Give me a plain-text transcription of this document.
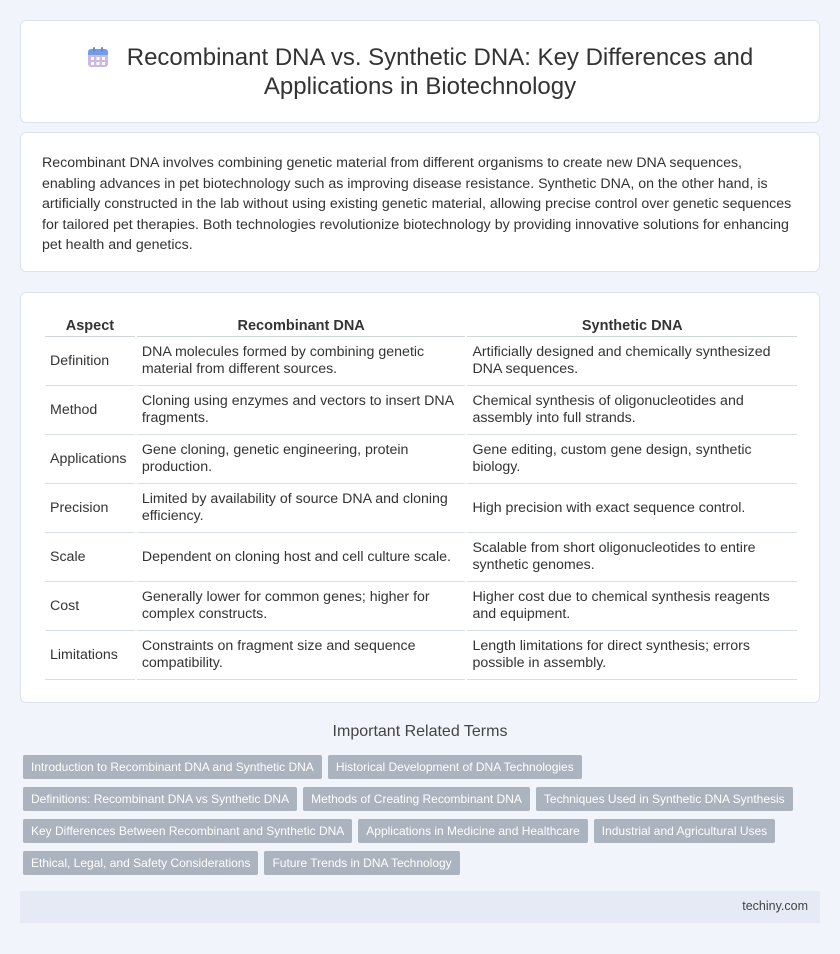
Recombinant DNA vs. Synthetic DNA: Key Differences and
Applications in Biotechnology

Recombinant DNA involves combining genetic material from different organisms to create new DNA sequences, enabling advances in pet biotechnology such as improving disease resistance. Synthetic DNA, on the other hand, is artificially constructed in the lab without using existing genetic material, allowing precise control over genetic sequences for tailored pet therapies. Both technologies revolutionize biotechnology by providing innovative solutions for enhancing pet health and genetics.

Aspect	Recombinant DNA	Synthetic DNA
Definition	DNA molecules formed by combining genetic material from different sources.	Artificially designed and chemically synthesized DNA sequences.
Method	Cloning using enzymes and vectors to insert DNA fragments.	Chemical synthesis of oligonucleotides and assembly into full strands.
Applications	Gene cloning, genetic engineering, protein production.	Gene editing, custom gene design, synthetic biology.
Precision	Limited by availability of source DNA and cloning efficiency.	High precision with exact sequence control.
Scale	Dependent on cloning host and cell culture scale.	Scalable from short oligonucleotides to entire synthetic genomes.
Cost	Generally lower for common genes; higher for complex constructs.	Higher cost due to chemical synthesis reagents and equipment.
Limitations	Constraints on fragment size and sequence compatibility.	Length limitations for direct synthesis; errors possible in assembly.
Important Related Terms
Introduction to Recombinant DNA and Synthetic DNA	Historical Development of DNA Technologies
Definitions: Recombinant DNA vs Synthetic DNA	Methods of Creating Recombinant DNA	Techniques Used in Synthetic DNA Synthesis
Key Differences Between Recombinant and Synthetic DNA	Applications in Medicine and Healthcare	Industrial and Agricultural Uses
Ethical, Legal, and Safety Considerations	Future Trends in DNA Technology
techiny.com
